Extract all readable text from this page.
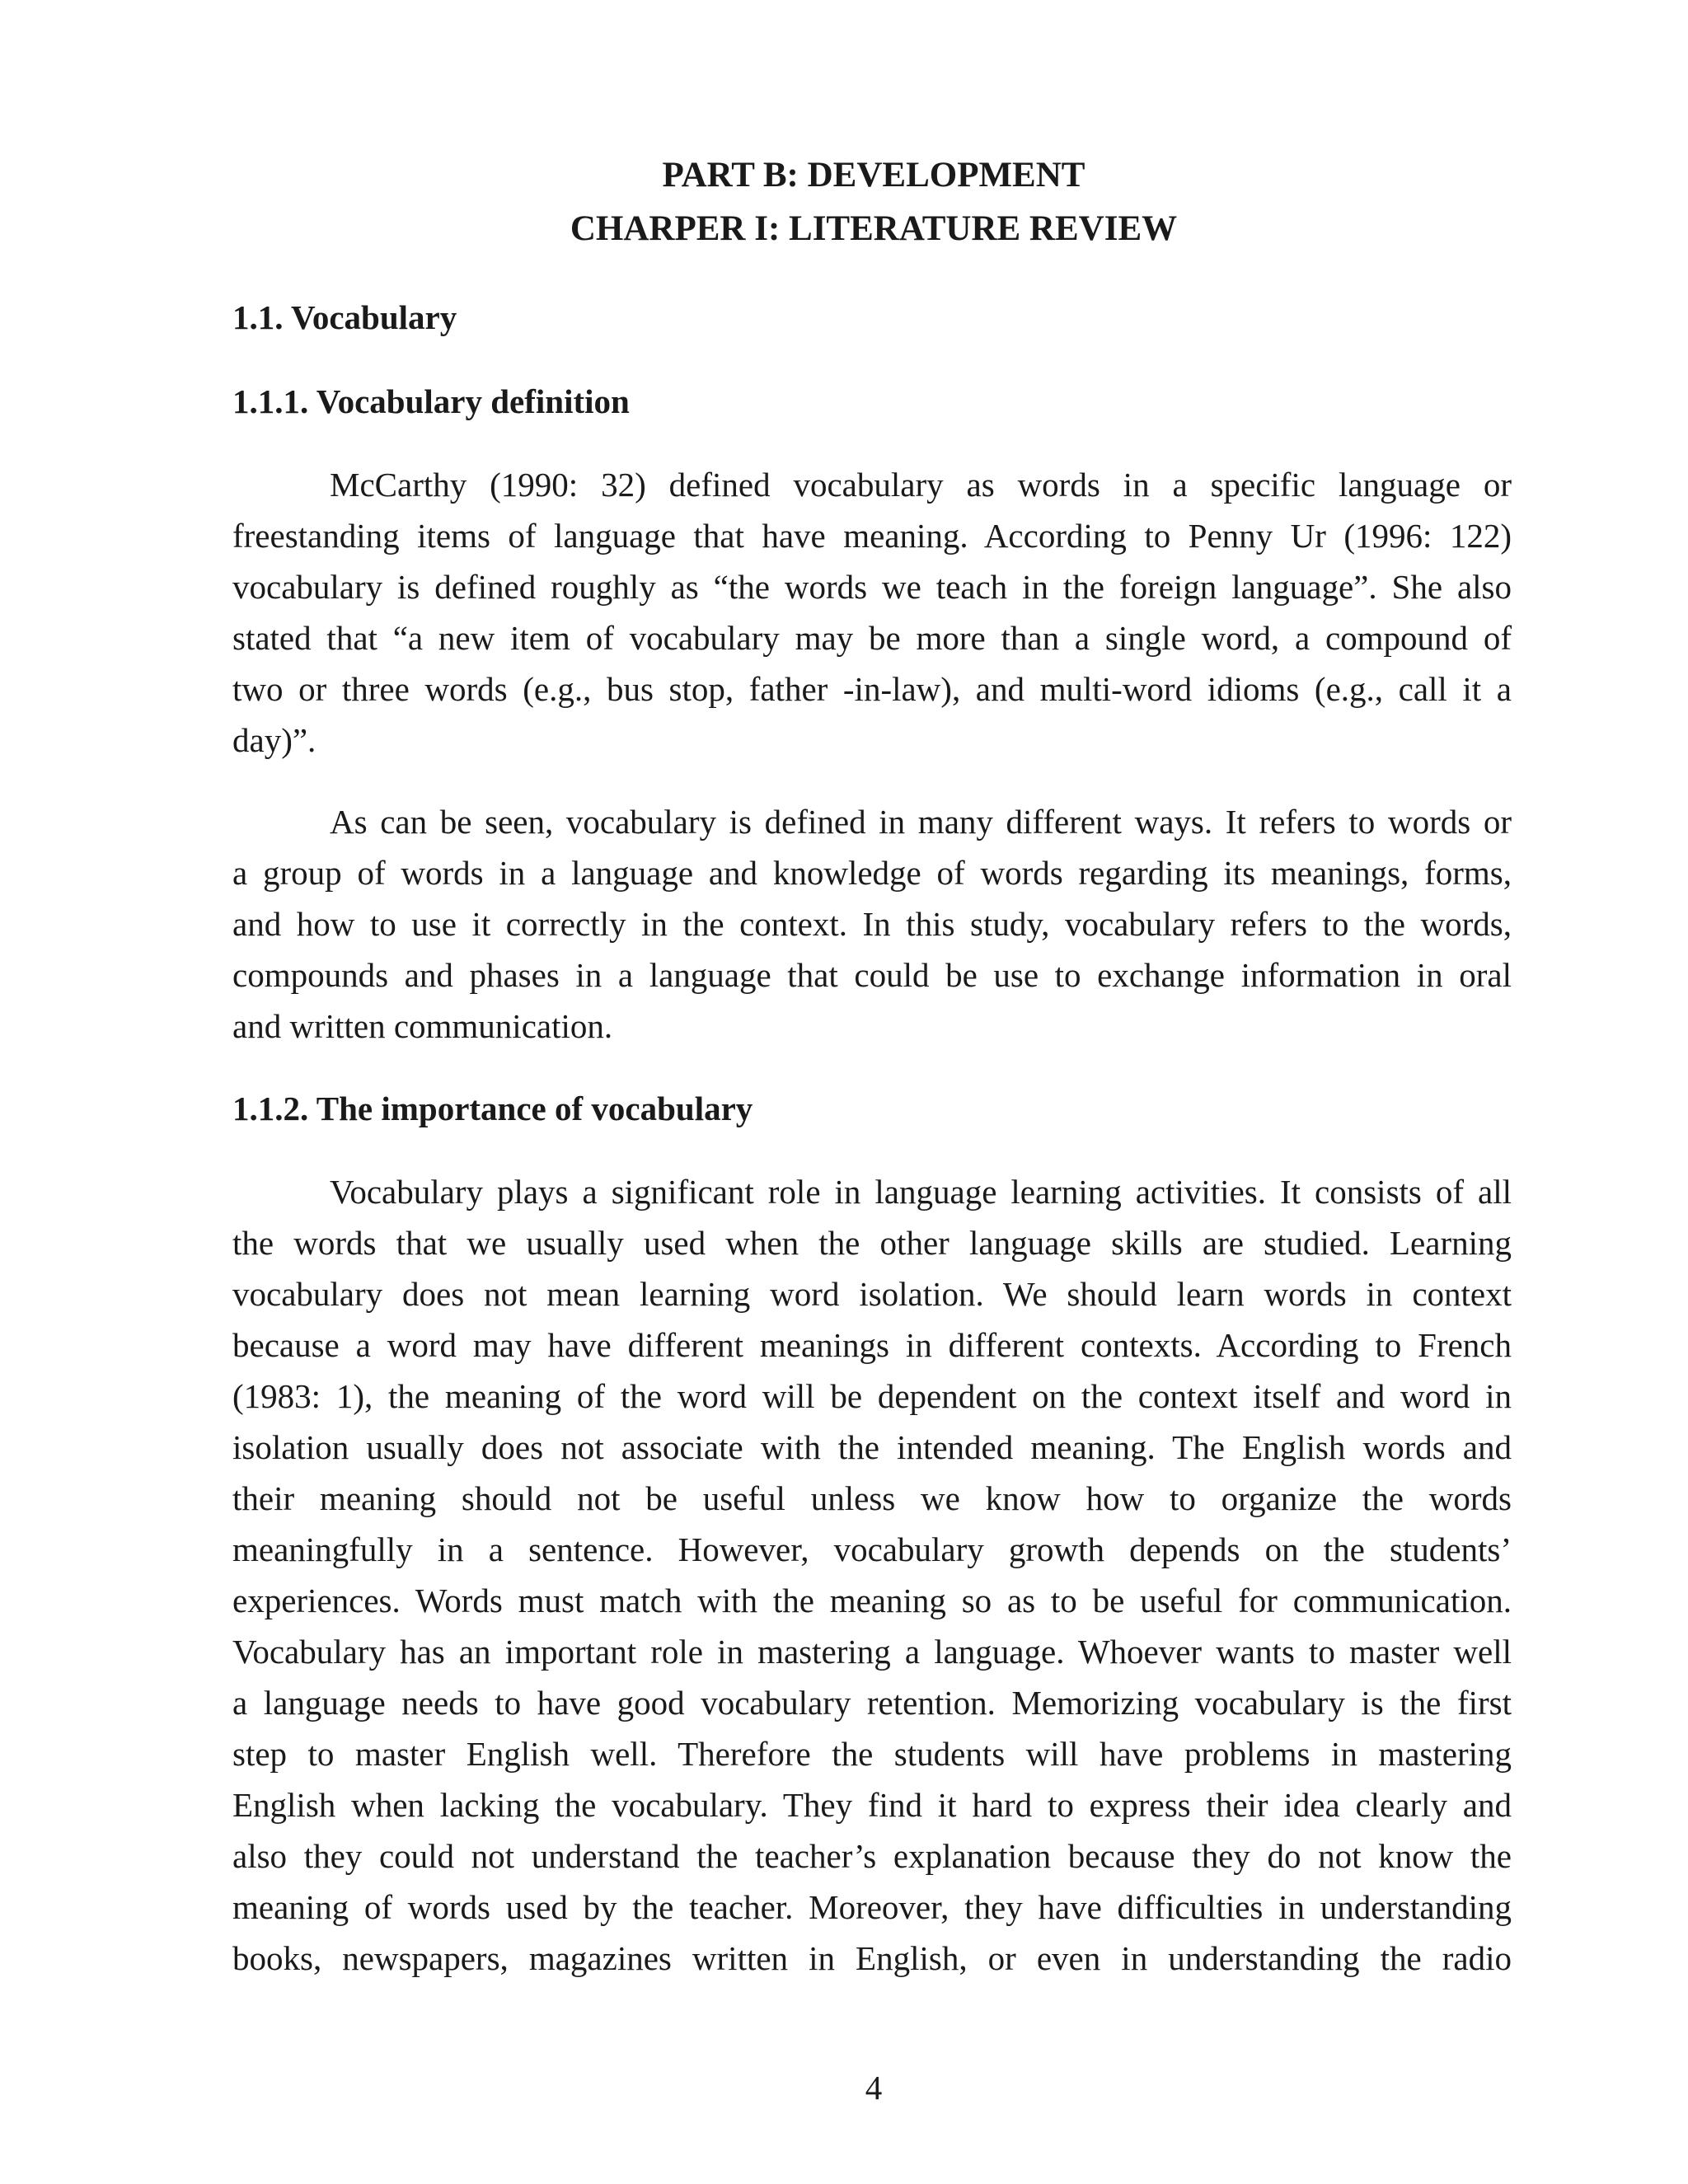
PART B: DEVELOPMENT
CHARPER I: LITERATURE REVIEW
1.1. Vocabulary
1.1.1. Vocabulary definition

McCarthy (1990: 32) defined vocabulary as words in a specific language or
freestanding items of language that have meaning. According to Penny Ur (1996: 122)
vocabulary is defined roughly as “the words we teach in the foreign language”. She also
stated that “a new item of vocabulary may be more than a single word, a compound of
two or three words (e.g., bus stop, father -in-law), and multi-word idioms (e.g., call it a
day)”.

As can be seen, vocabulary is defined in many different ways. It refers to words or
a group of words in a language and knowledge of words regarding its meanings, forms,
and how to use it correctly in the context. In this study, vocabulary refers to the words,
compounds and phases in a language that could be use to exchange information in oral
and written communication.

1.1.2. The importance of vocabulary

Vocabulary plays a significant role in language learning activities. It consists of all
the words that we usually used when the other language skills are studied. Learning
vocabulary does not mean learning word isolation. We should learn words in context
because a word may have different meanings in different contexts. According to French
(1983: 1), the meaning of the word will be dependent on the context itself and word in
isolation usually does not associate with the intended meaning. The English words and
their meaning should not be useful unless we know how to organize the words
meaningfully in a sentence. However, vocabulary growth depends on the students’
experiences. Words must match with the meaning so as to be useful for communication.
Vocabulary has an important role in mastering a language. Whoever wants to master well
a language needs to have good vocabulary retention. Memorizing vocabulary is the first
step to master English well. Therefore the students will have problems in mastering
English when lacking the vocabulary. They find it hard to express their idea clearly and
also they could not understand the teacher’s explanation because they do not know the
meaning of words used by the teacher. Moreover, they have difficulties in understanding
books, newspapers, magazines written in English, or even in understanding the radio

4
